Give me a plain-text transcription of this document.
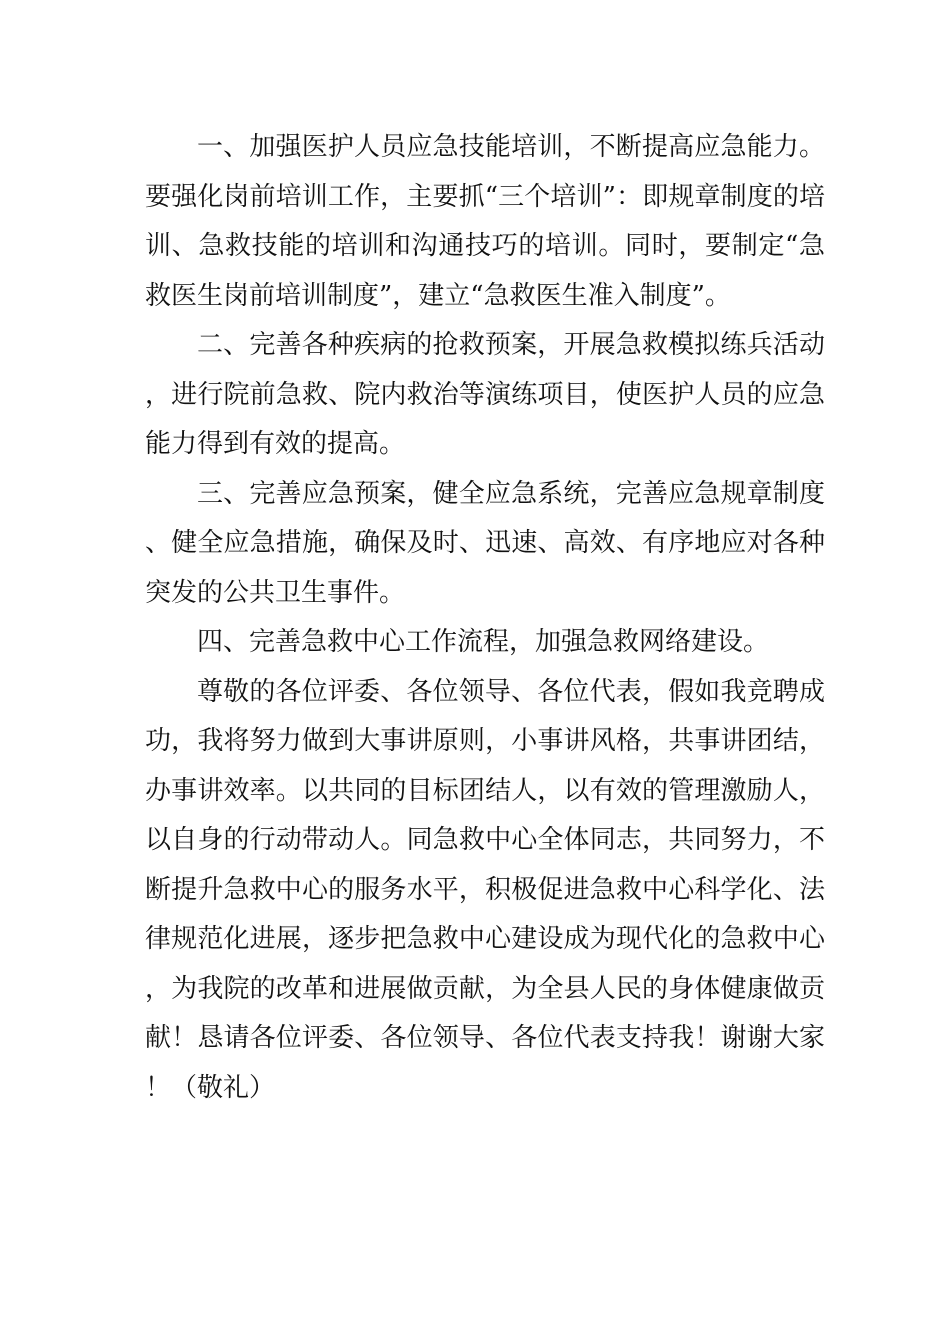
一、加强医护人员应急技能培训，不断提高应急能力。要强化岗前培训工作，主要抓“三个培训”：即规章制度的培训、急救技能的培训和沟通技巧的培训。同时，要制定“急救医生岗前培训制度”，建立“急救医生准入制度”。

二、完善各种疾病的抢救预案，开展急救模拟练兵活动，进行院前急救、院内救治等演练项目，使医护人员的应急能力得到有效的提高。

三、完善应急预案，健全应急系统，完善应急规章制度、健全应急措施，确保及时、迅速、高效、有序地应对各种突发的公共卫生事件。

四、完善急救中心工作流程，加强急救网络建设。

尊敬的各位评委、各位领导、各位代表，假如我竞聘成功，我将努力做到大事讲原则，小事讲风格，共事讲团结，办事讲效率。以共同的目标团结人，以有效的管理激励人，以自身的行动带动人。同急救中心全体同志，共同努力，不断提升急救中心的服务水平，积极促进急救中心科学化、法律规范化进展，逐步把急救中心建设成为现代化的急救中心，为我院的改革和进展做贡献，为全县人民的身体健康做贡献！恳请各位评委、各位领导、各位代表支持我！谢谢大家！（敬礼）
